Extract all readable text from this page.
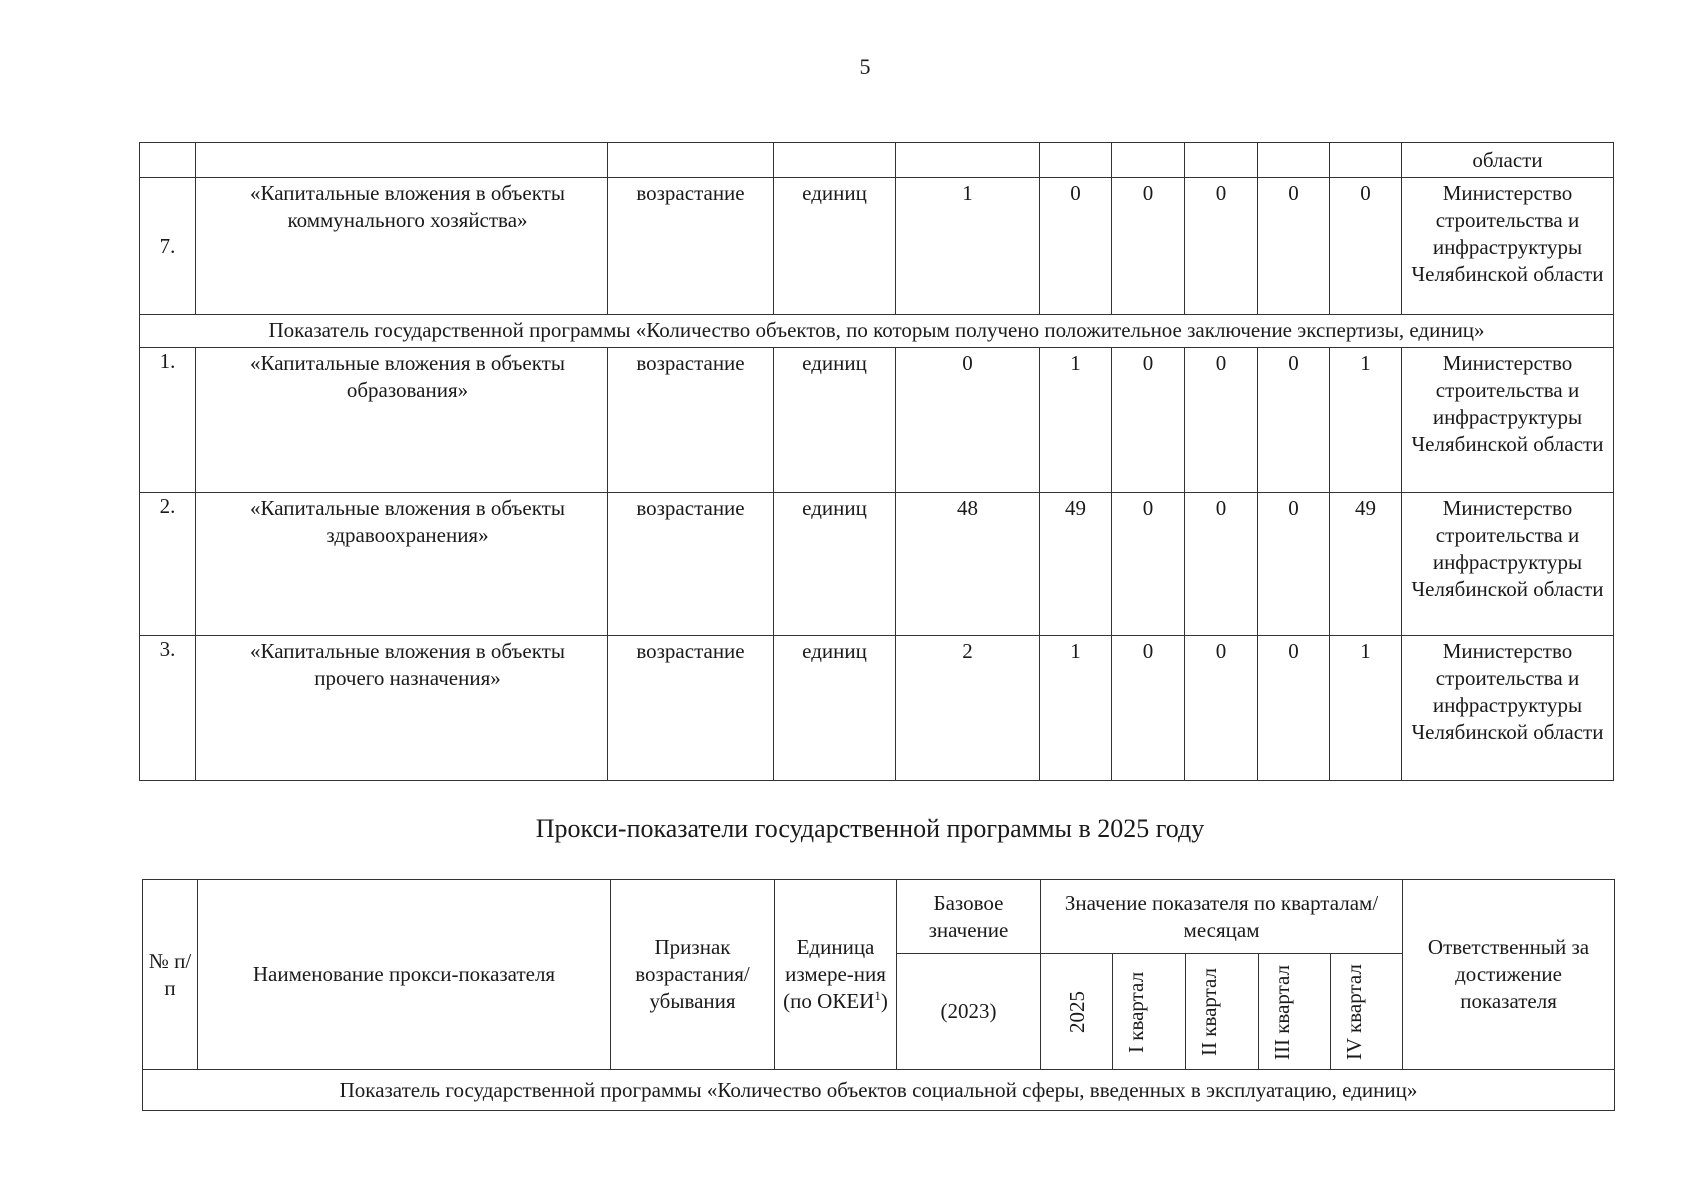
5
										области
7.	«Капитальные вложения в объекты коммунального хозяйства»	возрастание	единиц	1	0	0	0	0	0	Министерство строительства и инфраструктуры Челябинской области
Показатель государственной программы «Количество объектов, по которым получено положительное заключение экспертизы, единиц»										
1.	«Капитальные вложения в объекты образования»	возрастание	единиц	0	1	0	0	0	1	Министерство строительства и инфраструктуры Челябинской области
2.	«Капитальные вложения в объекты здравоохранения»	возрастание	единиц	48	49	0	0	0	49	Министерство строительства и инфраструктуры Челябинской области
3.	«Капитальные вложения в объекты прочего назначения»	возрастание	единиц	2	1	0	0	0	1	Министерство строительства и инфраструктуры Челябинской области
Прокси-показатели государственной программы в 2025 году
№ п/п	Наименование прокси-показателя	Признак возрастания/ убывания	Единица измере-ния (по ОКЕИ$^1$)	Базовое значение	Значение показателя по кварталам/месяцам					Ответственный за достижение показателя
				(2023)	2025	I квартал	II квартал	III квартал	IV квартал	

Показатель государственной программы «Количество объектов социальной сферы, введенных в эксплуатацию, единиц»										
